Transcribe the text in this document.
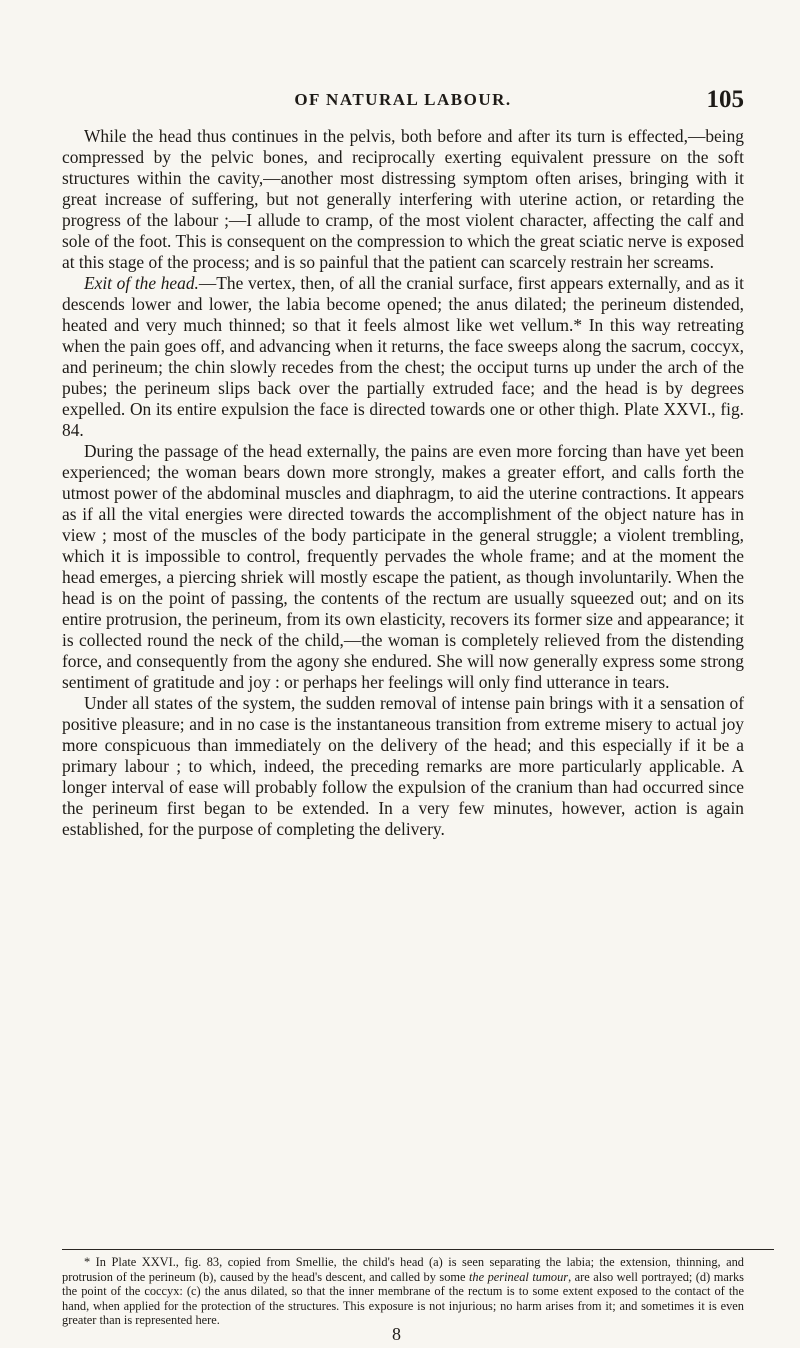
OF NATURAL LABOUR.	105

While the head thus continues in the pelvis, both before and after its turn is effected,—being compressed by the pelvic bones, and reciprocally exerting equivalent pressure on the soft structures within the cavity,—another most distressing symptom often arises, bringing with it great increase of suffering, but not generally interfering with uterine action, or retarding the progress of the labour ;—I allude to cramp, of the most violent character, affecting the calf and sole of the foot. This is consequent on the compression to which the great sciatic nerve is exposed at this stage of the process; and is so painful that the patient can scarcely restrain her screams.

Exit of the head.—The vertex, then, of all the cranial surface, first appears externally, and as it descends lower and lower, the labia become opened; the anus dilated; the perineum distended, heated and very much thinned; so that it feels almost like wet vellum.* In this way retreating when the pain goes off, and advancing when it returns, the face sweeps along the sacrum, coccyx, and perineum; the chin slowly recedes from the chest; the occiput turns up under the arch of the pubes; the perineum slips back over the partially extruded face; and the head is by degrees expelled. On its entire expulsion the face is directed towards one or other thigh. Plate XXVI., fig. 84.

During the passage of the head externally, the pains are even more forcing than have yet been experienced; the woman bears down more strongly, makes a greater effort, and calls forth the utmost power of the abdominal muscles and diaphragm, to aid the uterine contractions. It appears as if all the vital energies were directed towards the accomplishment of the object nature has in view ; most of the muscles of the body participate in the general struggle; a violent trembling, which it is impossible to control, frequently pervades the whole frame; and at the moment the head emerges, a piercing shriek will mostly escape the patient, as though involuntarily. When the head is on the point of passing, the contents of the rectum are usually squeezed out; and on its entire protrusion, the perineum, from its own elasticity, recovers its former size and appearance; it is collected round the neck of the child,—the woman is completely relieved from the distending force, and consequently from the agony she endured. She will now generally express some strong sentiment of gratitude and joy : or perhaps her feelings will only find utterance in tears.

Under all states of the system, the sudden removal of intense pain brings with it a sensation of positive pleasure; and in no case is the instantaneous transition from extreme misery to actual joy more conspicuous than immediately on the delivery of the head; and this especially if it be a primary labour ; to which, indeed, the preceding remarks are more particularly applicable. A longer interval of ease will probably follow the expulsion of the cranium than had occurred since the perineum first began to be extended. In a very few minutes, however, action is again established, for the purpose of completing the delivery.

* In Plate XXVI., fig. 83, copied from Smellie, the child's head (a) is seen separating the labia; the extension, thinning, and protrusion of the perineum (b), caused by the head's descent, and called by some the perineal tumour, are also well portrayed; (d) marks the point of the coccyx: (c) the anus dilated, so that the inner membrane of the rectum is to some extent exposed to the contact of the hand, when applied for the protection of the structures. This exposure is not injurious; no harm arises from it; and sometimes it is even greater than is represented here.

8
